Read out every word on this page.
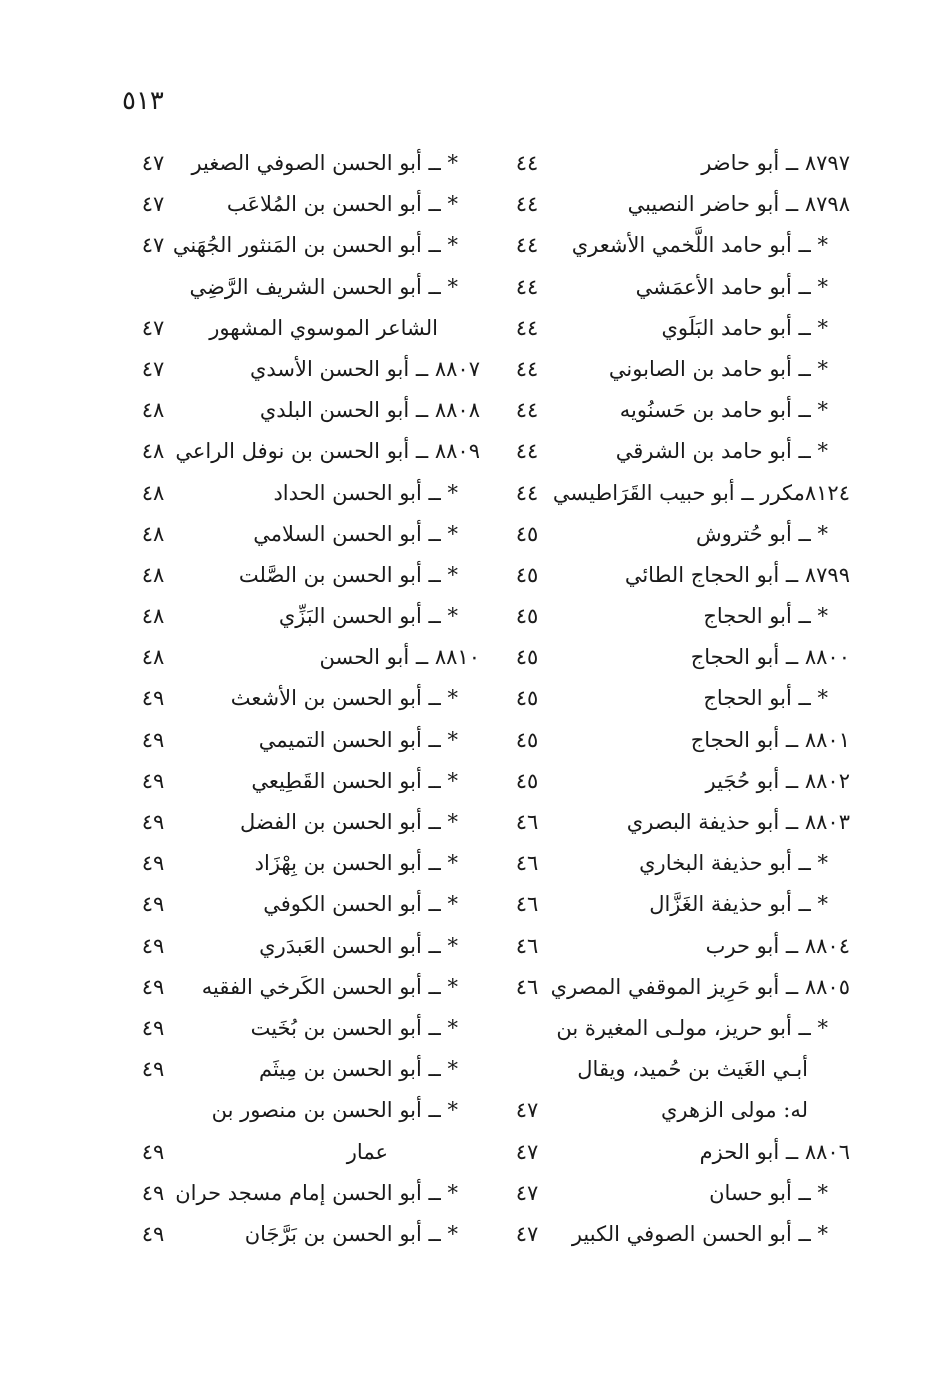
٥١٣
٨٧٩٧ ــ أبو حاضر
٤٤
٨٧٩٨ ــ أبو حاضر النصيبي
٤٤
* ــ أبو حامد اللَّخمي الأشعري
٤٤
* ــ أبو حامد الأعمَشي
٤٤
* ــ أبو حامد البَلَوي
٤٤
* ــ أبو حامد بن الصابوني
٤٤
* ــ أبو حامد بن حَسنُويه
٤٤
* ــ أبو حامد بن الشرقي
٤٤
٨١٢٤مكرر ــ أبو حبيب القَرَاطيسي
٤٤
* ــ أبو حُتروش
٤٥
٨٧٩٩ ــ أبو الحجاج الطائي
٤٥
* ــ أبو الحجاج
٤٥
٨٨٠٠ ــ أبو الحجاج
٤٥
* ــ أبو الحجاج
٤٥
٨٨٠١ ــ أبو الحجاج
٤٥
٨٨٠٢ ــ أبو حُجَير
٤٥
٨٨٠٣ ــ أبو حذيفة البصري
٤٦
* ــ أبو حذيفة البخاري
٤٦
* ــ أبو حذيفة الغَزَّال
٤٦
٨٨٠٤ ــ أبو حرب
٤٦
٨٨٠٥ ــ أبو حَرِيز الموقفي المصري
٤٦
* ــ أبو حريز، مولـى المغيرة بن
أبـي الغَيث بن حُميد، ويقال
له: مولى الزهري
٤٧
٨٨٠٦ ــ أبو الحزم
٤٧
* ــ أبو حسان
٤٧
* ــ أبو الحسن الصوفي الكبير
٤٧
* ــ أبو الحسن الصوفي الصغير
٤٧
* ــ أبو الحسن بن المُلاعَب
٤٧
* ــ أبو الحسن بن المَنثور الجُهَني
٤٧
* ــ أبو الحسن الشريف الرَّضِي
الشاعر الموسوي المشهور
٤٧
٨٨٠٧ ــ أبو الحسن الأسدي
٤٧
٨٨٠٨ ــ أبو الحسن البلدي
٤٨
٨٨٠٩ ــ أبو الحسن بن نوفل الراعي
٤٨
* ــ أبو الحسن الحداد
٤٨
* ــ أبو الحسن السلامي
٤٨
* ــ أبو الحسن بن الصَّلت
٤٨
* ــ أبو الحسن البَزِّي
٤٨
٨٨١٠ ــ أبو الحسن
٤٨
* ــ أبو الحسن بن الأشعث
٤٩
* ــ أبو الحسن التميمي
٤٩
* ــ أبو الحسن القَطِيعي
٤٩
* ــ أبو الحسن بن الفضل
٤٩
* ــ أبو الحسن بن بِهْزَاد
٤٩
* ــ أبو الحسن الكوفي
٤٩
* ــ أبو الحسن العَبدَري
٤٩
* ــ أبو الحسن الكَرخي الفقيه
٤٩
* ــ أبو الحسن بن بُخَيت
٤٩
* ــ أبو الحسن بن مِيثَم
٤٩
* ــ أبو الحسن بن منصور بن
عمار
٤٩
* ــ أبو الحسن إمام مسجد حران
٤٩
* ــ أبو الحسن بن بَرَّجَان
٤٩
